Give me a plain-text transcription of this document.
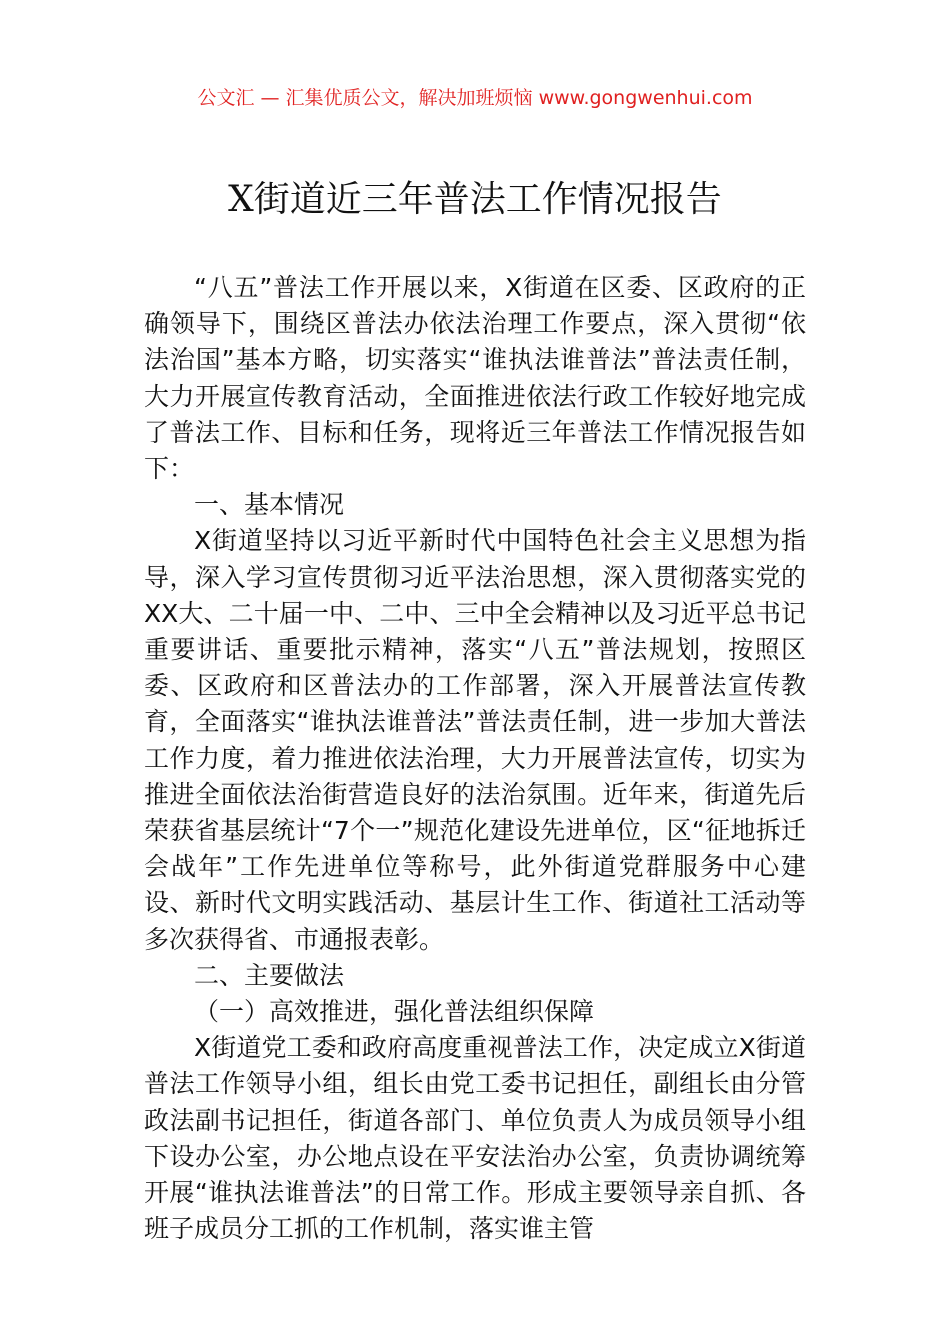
公文汇 — 汇集优质公文，解决加班烦恼 www.gongwenhui.com
X街道近三年普法工作情况报告

“八五”普法工作开展以来，X街道在区委、区政府的正确领导下，围绕区普法办依法治理工作要点，深入贯彻“依法治国”基本方略，切实落实“谁执法谁普法”普法责任制，大力开展宣传教育活动，全面推进依法行政工作较好地完成了普法工作、目标和任务，现将近三年普法工作情况报告如下：

一、基本情况

X街道坚持以习近平新时代中国特色社会主义思想为指导，深入学习宣传贯彻习近平法治思想，深入贯彻落实党的XX大、二十届一中、二中、三中全会精神以及习近平总书记重要讲话、重要批示精神，落实“八五”普法规划，按照区委、区政府和区普法办的工作部署，深入开展普法宣传教育，全面落实“谁执法谁普法”普法责任制，进一步加大普法工作力度，着力推进依法治理，大力开展普法宣传，切实为推进全面依法治街营造良好的法治氛围。近年来，街道先后荣获省基层统计“7个一”规范化建设先进单位，区“征地拆迁会战年”工作先进单位等称号，此外街道党群服务中心建设、新时代文明实践活动、基层计生工作、街道社工活动等多次获得省、市通报表彰。

二、主要做法

（一）高效推进，强化普法组织保障

X街道党工委和政府高度重视普法工作，决定成立X街道普法工作领导小组，组长由党工委书记担任，副组长由分管政法副书记担任，街道各部门、单位负责人为成员领导小组下设办公室，办公地点设在平安法治办公室，负责协调统筹开展“谁执法谁普法”的日常工作。形成主要领导亲自抓、各班子成员分工抓的工作机制，落实谁主管
